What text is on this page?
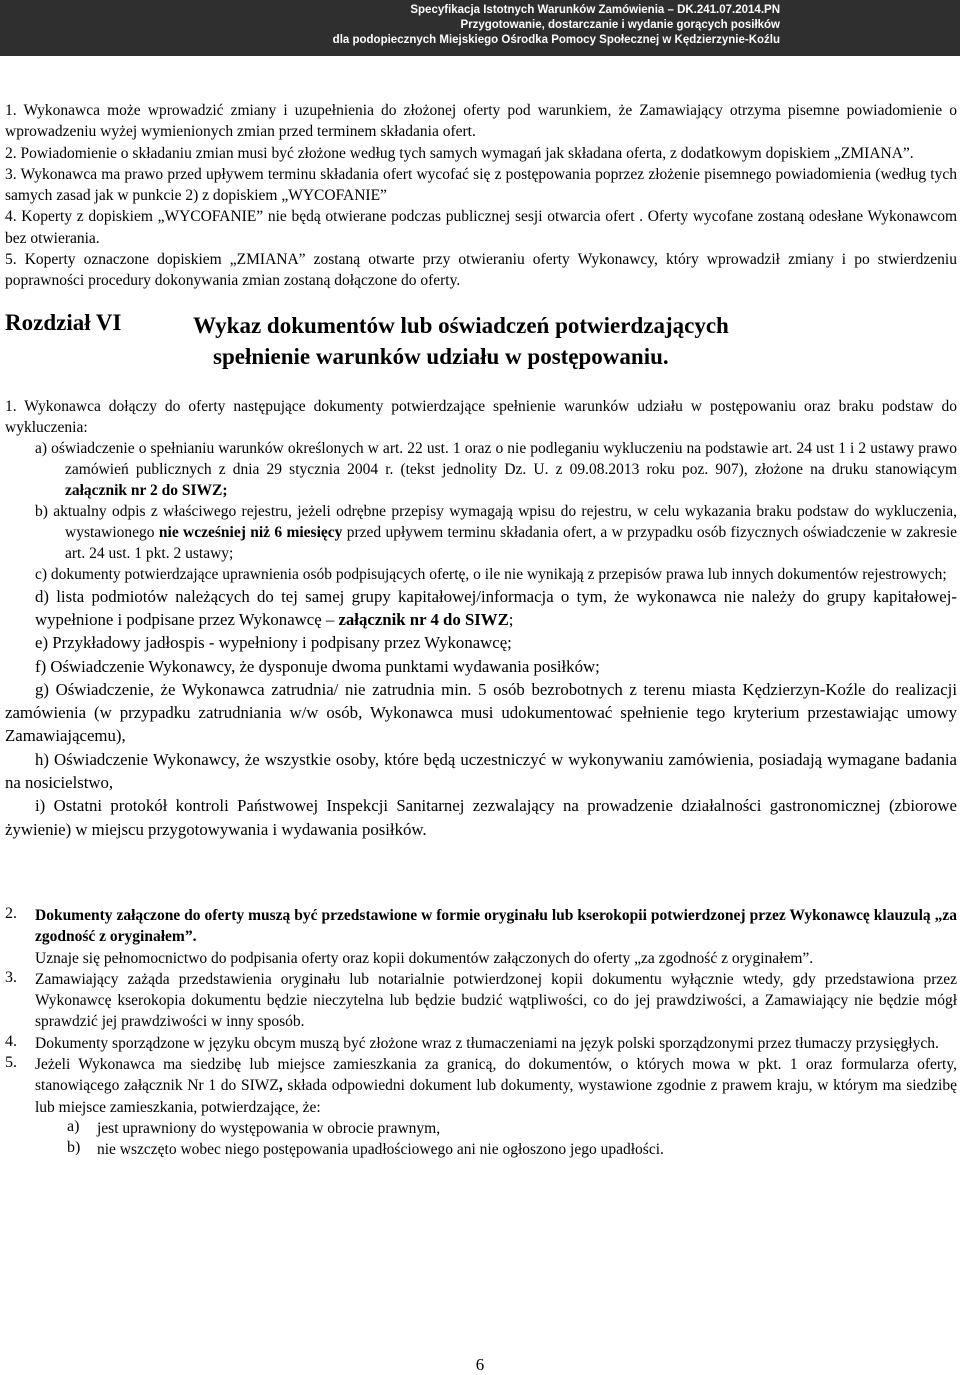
Specyfikacja Istotnych Warunków Zamówienia – DK.241.07.2014.PN
Przygotowanie, dostarczanie i wydanie gorących posiłków
dla podopiecznych Miejskiego Ośrodka Pomocy Społecznej w Kędzierzynie-Koźlu

1. Wykonawca może wprowadzić zmiany i uzupełnienia do złożonej oferty pod warunkiem, że Zamawiający otrzyma pisemne powiadomienie o wprowadzeniu wyżej wymienionych zmian przed terminem składania ofert.

2. Powiadomienie o składaniu zmian musi być złożone według tych samych wymagań jak składana oferta, z dodatkowym dopiskiem „ZMIANA”.

3. Wykonawca ma prawo przed upływem terminu składania ofert wycofać się z postępowania poprzez złożenie pisemnego powiadomienia (według tych samych zasad jak w punkcie 2) z dopiskiem „WYCOFANIE”

4. Koperty z dopiskiem „WYCOFANIE” nie będą otwierane podczas publicznej sesji otwarcia ofert . Oferty wycofane zostaną odesłane Wykonawcom bez otwierania.

5. Koperty oznaczone dopiskiem „ZMIANA” zostaną otwarte przy otwieraniu oferty Wykonawcy, który wprowadził zmiany i po stwierdzeniu poprawności procedury dokonywania zmian zostaną dołączone do oferty.

Rozdział VI	Wykaz dokumentów lub oświadczeń potwierdzających
spełnienie warunków udziału w postępowaniu.

1. Wykonawca dołączy do oferty następujące dokumenty potwierdzające spełnienie warunków udziału w postępowaniu oraz braku podstaw do wykluczenia:

a) oświadczenie o spełnianiu warunków określonych w art. 22 ust. 1 oraz o nie podleganiu wykluczeniu na podstawie art. 24 ust 1 i 2 ustawy prawo zamówień publicznych z dnia 29 stycznia 2004 r. (tekst jednolity Dz. U. z 09.08.2013 roku poz. 907), złożone na druku stanowiącym załącznik nr 2 do SIWZ;

b) aktualny odpis z właściwego rejestru, jeżeli odrębne przepisy wymagają wpisu do rejestru, w celu wykazania braku podstaw do wykluczenia, wystawionego nie wcześniej niż 6 miesięcy przed upływem terminu składania ofert, a w przypadku osób fizycznych oświadczenie w zakresie art. 24 ust. 1 pkt. 2 ustawy;

c) dokumenty potwierdzające uprawnienia osób podpisujących ofertę, o ile nie wynikają z przepisów prawa lub innych dokumentów rejestrowych;

d) lista podmiotów należących do tej samej grupy kapitałowej/informacja o tym, że wykonawca nie należy do grupy kapitałowej- wypełnione i podpisane przez Wykonawcę – załącznik nr 4 do SIWZ;

e) Przykładowy jadłospis - wypełniony i podpisany przez Wykonawcę;

f) Oświadczenie Wykonawcy, że dysponuje dwoma punktami wydawania posiłków;

g) Oświadczenie, że Wykonawca zatrudnia/ nie zatrudnia min. 5 osób bezrobotnych z terenu miasta Kędzierzyn-Koźle do realizacji zamówienia (w przypadku zatrudniania w/w osób, Wykonawca musi udokumentować spełnienie tego kryterium przestawiając umowy Zamawiającemu),

h) Oświadczenie Wykonawcy, że wszystkie osoby, które będą uczestniczyć w wykonywaniu zamówienia, posiadają wymagane badania na nosicielstwo,

i) Ostatni protokół kontroli Państwowej Inspekcji Sanitarnej zezwalający na prowadzenie działalności gastronomicznej (zbiorowe żywienie) w miejscu przygotowywania i wydawania posiłków.

2. Dokumenty załączone do oferty muszą być przedstawione w formie oryginału lub kserokopii potwierdzonej przez Wykonawcę klauzulą „za zgodność z oryginałem”.

Uznaje się pełnomocnictwo do podpisania oferty oraz kopii dokumentów załączonych do oferty „za zgodność z oryginałem”.

3. Zamawiający zażąda przedstawienia oryginału lub notarialnie potwierdzonej kopii dokumentu wyłącznie wtedy, gdy przedstawiona przez Wykonawcę kserokopia dokumentu będzie nieczytelna lub będzie budzić wątpliwości, co do jej prawdziwości, a Zamawiający nie będzie mógł sprawdzić jej prawdziwości w inny sposób.

4. Dokumenty sporządzone w języku obcym muszą być złożone wraz z tłumaczeniami na język polski sporządzonymi przez tłumaczy przysięgłych.

5. Jeżeli Wykonawca ma siedzibę lub miejsce zamieszkania za granicą, do dokumentów, o których mowa w pkt. 1 oraz formularza oferty, stanowiącego załącznik Nr 1 do SIWZ, składa odpowiedni dokument lub dokumenty, wystawione zgodnie z prawem kraju, w którym ma siedzibę lub miejsce zamieszkania, potwierdzające, że:

a) jest uprawniony do występowania w obrocie prawnym,

b) nie wszczęto wobec niego postępowania upadłościowego ani nie ogłoszono jego upadłości.

6
